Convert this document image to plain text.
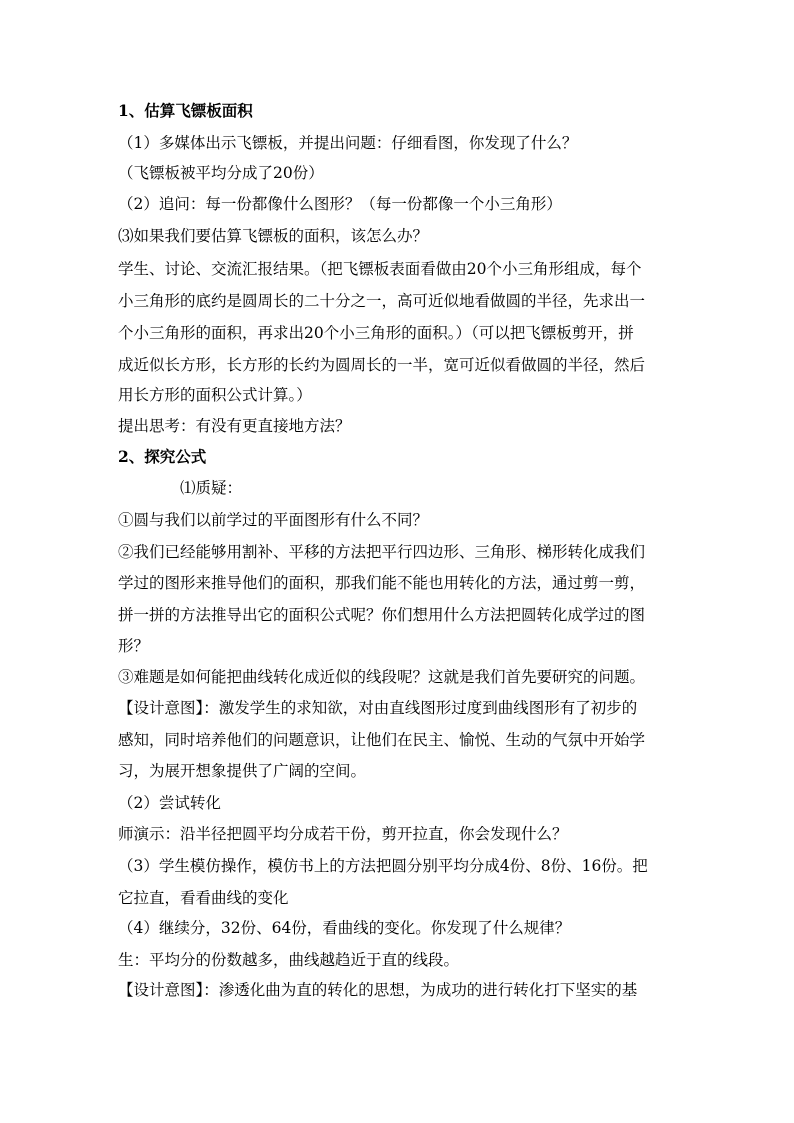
1、估算飞镖板面积
（1）多媒体出示飞镖板，并提出问题：仔细看图，你发现了什么？
（飞镖板被平均分成了20份）
（2）追问：每一份都像什么图形？（每一份都像一个小三角形）
⑶如果我们要估算飞镖板的面积，该怎么办？
学生、讨论、交流汇报结果。（把飞镖板表面看做由20个小三角形组成，每个
小三角形的底约是圆周长的二十分之一，高可近似地看做圆的半径，先求出一
个小三角形的面积，再求出20个小三角形的面积。）（可以把飞镖板剪开，拼
成近似长方形，长方形的长约为圆周长的一半，宽可近似看做圆的半径，然后
用长方形的面积公式计算。）
提出思考：有没有更直接地方法？
2、探究公式
⑴质疑：
①圆与我们以前学过的平面图形有什么不同？
②我们已经能够用割补、平移的方法把平行四边形、三角形、梯形转化成我们
学过的图形来推导他们的面积，那我们能不能也用转化的方法，通过剪一剪，
拼一拼的方法推导出它的面积公式呢？你们想用什么方法把圆转化成学过的图
形？
③难题是如何能把曲线转化成近似的线段呢？这就是我们首先要研究的问题。
【设计意图】：激发学生的求知欲，对由直线图形过度到曲线图形有了初步的
感知，同时培养他们的问题意识，让他们在民主、愉悦、生动的气氛中开始学
习，为展开想象提供了广阔的空间。
（2）尝试转化
师演示：沿半径把圆平均分成若干份，剪开拉直，你会发现什么？
（3）学生模仿操作，模仿书上的方法把圆分别平均分成4份、8份、16份。把
它拉直，看看曲线的变化
（4）继续分，32份、64份，看曲线的变化。你发现了什么规律？
生：平均分的份数越多，曲线越趋近于直的线段。
【设计意图】：渗透化曲为直的转化的思想，为成功的进行转化打下坚实的基
